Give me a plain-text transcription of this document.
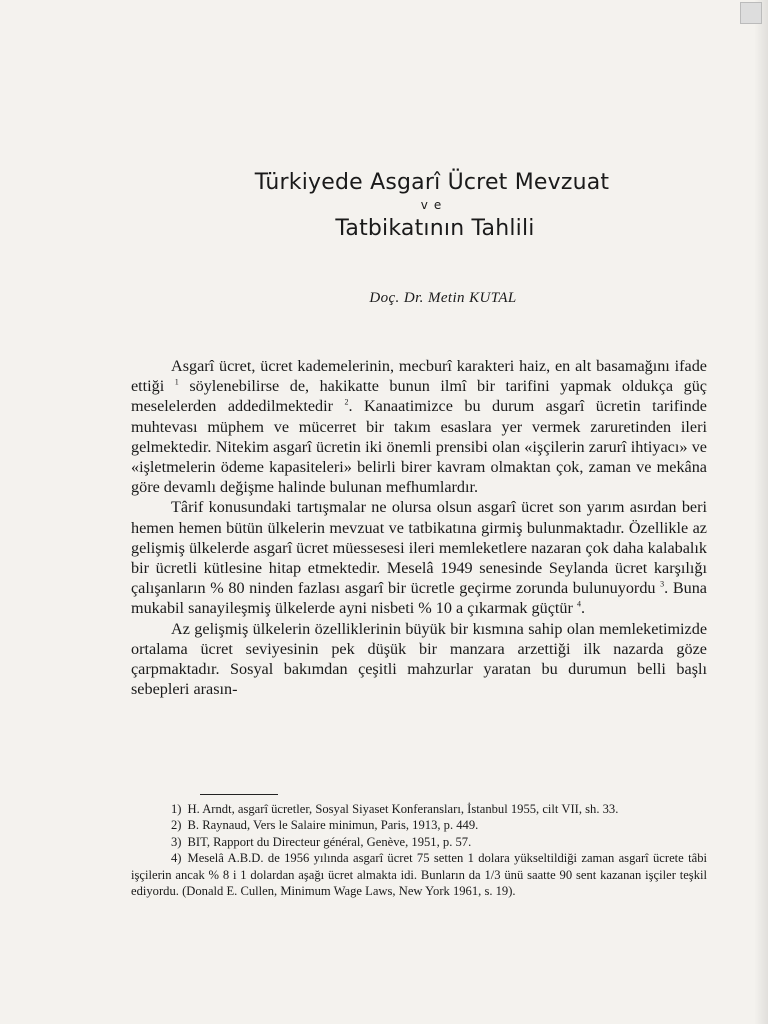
Türkiyede Asgarî Ücret Mevzuat
ve
Tatbikatının Tahlili
Doç. Dr. Metin KUTAL

Asgarî ücret, ücret kademelerinin, mecburî karakteri haiz, en alt basamağını ifade ettiği $^1$ söylenebilirse de, hakikatte bunun ilmî bir tarifini yapmak oldukça güç meselelerden addedilmektedir $^2$. Kanaatimizce bu durum asgarî ücretin tarifinde muhtevası müphem ve mücerret bir takım esaslara yer vermek zaruretinden ileri gelmektedir. Nitekim asgarî ücretin iki önemli prensibi olan «işçilerin zarurî ihtiyacı» ve «işletmelerin ödeme kapasiteleri» belirli birer kavram olmaktan çok, zaman ve mekâna göre devamlı değişme halinde bulunan mefhumlardır.

Târif konusundaki tartışmalar ne olursa olsun asgarî ücret son yarım asırdan beri hemen hemen bütün ülkelerin mevzuat ve tatbikatına girmiş bulunmaktadır. Özellikle az gelişmiş ülkelerde asgarî ücret müessesesi ileri memleketlere nazaran çok daha kalabalık bir ücretli kütlesine hitap etmektedir. Meselâ 1949 senesinde Seylanda ücret karşılığı çalışanların % 80 ninden fazlası asgarî bir ücretle geçirme zorunda bulunuyordu $^3$. Buna mukabil sanayileşmiş ülkelerde ayni nisbeti % 10 a çıkarmak güçtür $^4$.

Az gelişmiş ülkelerin özelliklerinin büyük bir kısmına sahip olan memleketimizde ortalama ücret seviyesinin pek düşük bir manzara arzettiği ilk nazarda göze çarpmaktadır. Sosyal bakımdan çeşitli mahzurlar yaratan bu durumun belli başlı sebepleri arasın-

1) H. Arndt, asgarî ücretler, Sosyal Siyaset Konferansları, İstanbul 1955, cilt VII, sh. 33.

2) B. Raynaud, Vers le Salaire minimun, Paris, 1913, p. 449.

3) BIT, Rapport du Directeur général, Genève, 1951, p. 57.

4) Meselâ A.B.D. de 1956 yılında asgarî ücret 75 setten 1 dolara yükseltildiği zaman asgarî ücrete tâbi işçilerin ancak % 8 i 1 dolardan aşağı ücret almakta idi. Bunların da 1/3 ünü saatte 90 sent kazanan işçiler teşkil ediyordu. (Donald E. Cullen, Minimum Wage Laws, New York 1961, s. 19).
